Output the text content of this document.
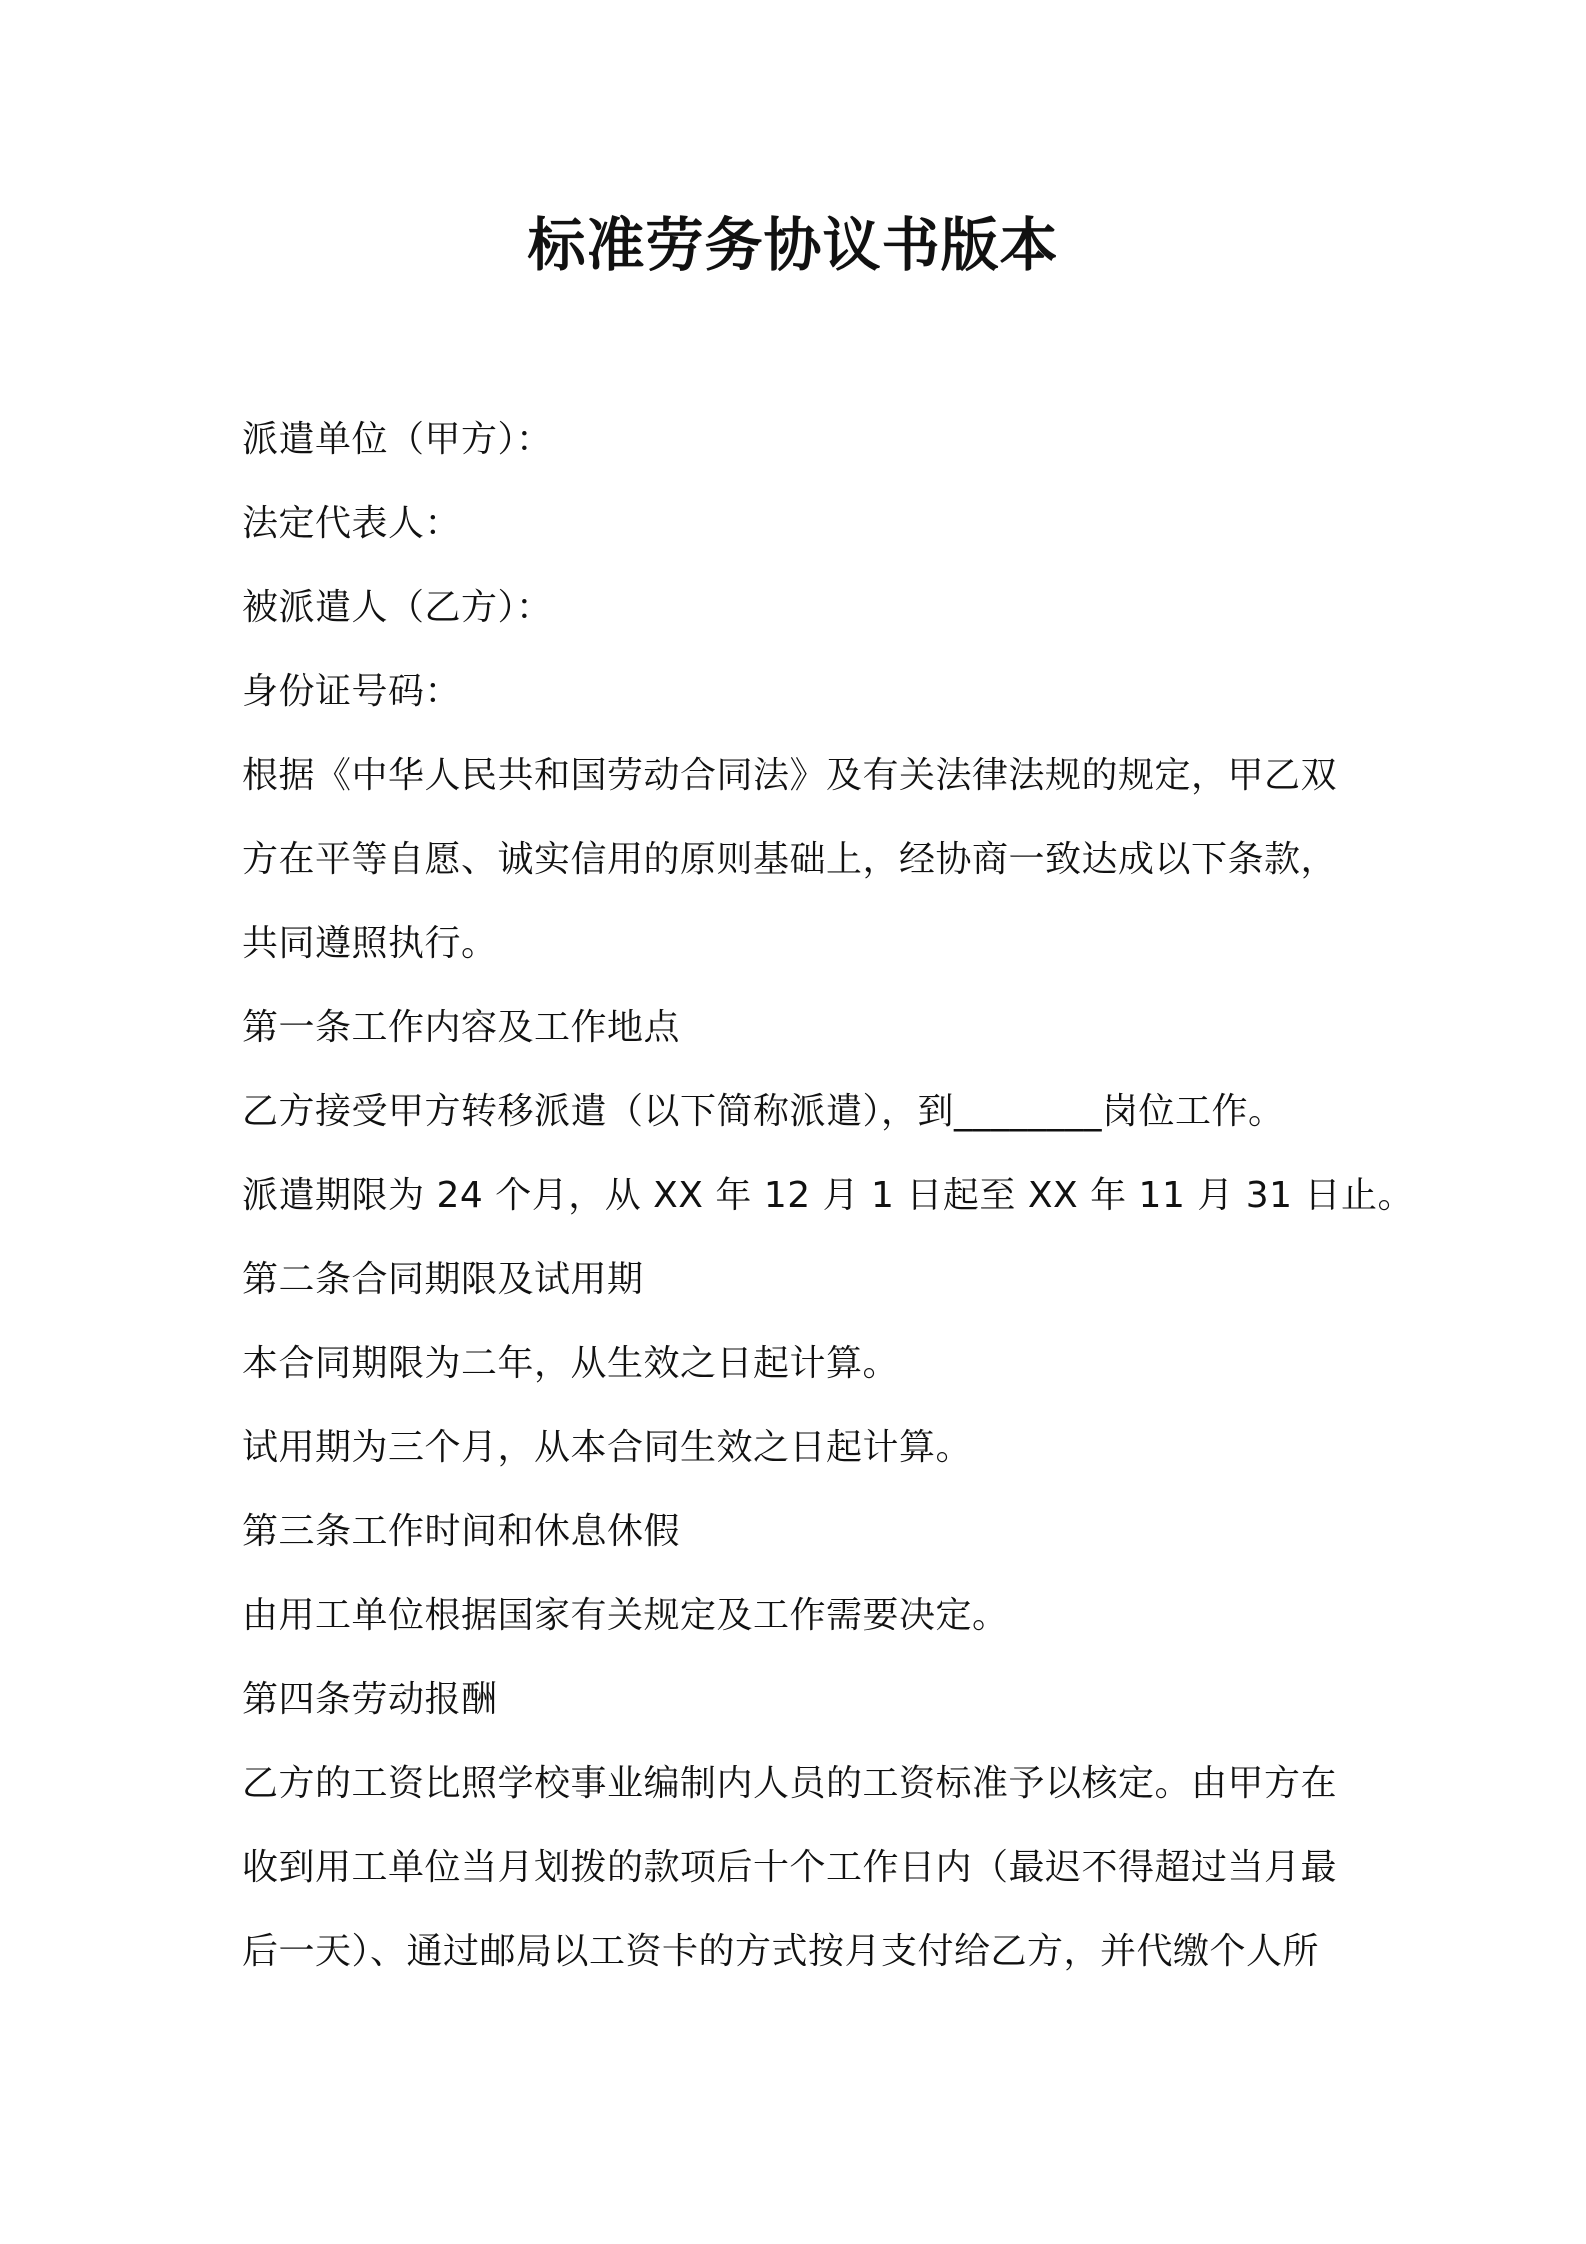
标准劳务协议书版本
派遣单位（甲方）：
法定代表人：
被派遣人（乙方）：
身份证号码：
根据《中华人民共和国劳动合同法》及有关法律法规的规定，甲乙双
方在平等自愿、诚实信用的原则基础上，经协商一致达成以下条款，
共同遵照执行。
第一条工作内容及工作地点
乙方接受甲方转移派遣（以下简称派遣），到________岗位工作。
派遣期限为 24 个月，从 XX 年 12 月 1 日起至 XX 年 11 月 31 日止。
第二条合同期限及试用期
本合同期限为二年，从生效之日起计算。
试用期为三个月，从本合同生效之日起计算。
第三条工作时间和休息休假
由用工单位根据国家有关规定及工作需要决定。
第四条劳动报酬
乙方的工资比照学校事业编制内人员的工资标准予以核定。由甲方在
收到用工单位当月划拨的款项后十个工作日内（最迟不得超过当月最
后一天）、通过邮局以工资卡的方式按月支付给乙方，并代缴个人所
